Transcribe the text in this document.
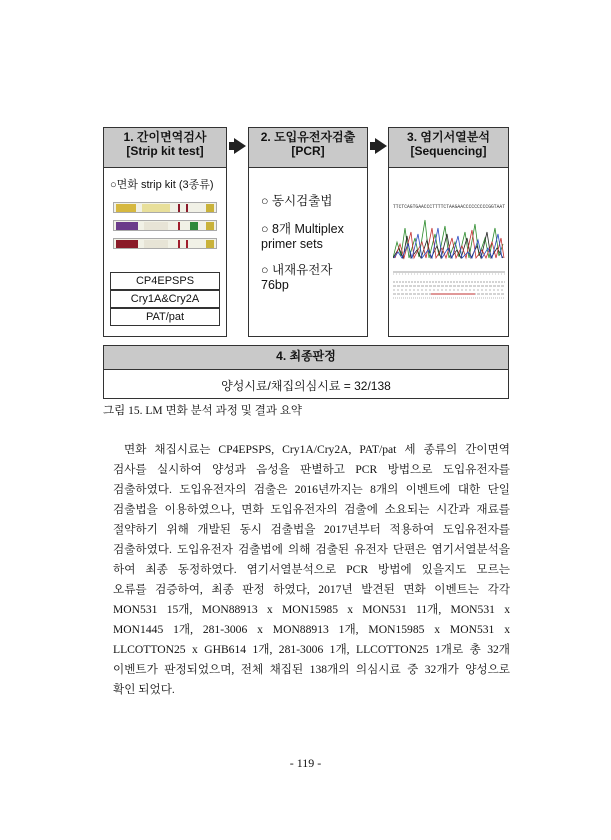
1. 간이면역검사
[Strip kit test]
○면화 strip kit (3종류)
CP4EPSPS
Cry1A&Cry2A
PAT/pat
2. 도입유전자검출
[PCR]
○ 동시검출법
○ 8개 Multiplex primer sets
○ 내재유전자 76bp
3. 염기서열분석
[Sequencing]
TTCTCAGTGAACCCTTTTCTAAGAACCCCCCCCCGGTAAT
4. 최종판정
양성시료/채집의심시료 = 32/138
그림 15. LM 면화 분석 과정 및 결과 요약
면화 채집시료는 CP4EPSPS, Cry1A/Cry2A, PAT/pat 세 종류의 간이면역
검사를 실시하여 양성과 음성을 판별하고 PCR 방법으로 도입유전자를
검출하였다. 도입유전자의 검출은 2016년까지는 8개의 이벤트에 대한 단일
검출법을 이용하였으나, 면화 도입유전자의 검출에 소요되는 시간과 재료를
절약하기 위해 개발된 동시 검출법을 2017년부터 적용하여 도입유전자를
검출하였다. 도입유전자 검출법에 의해 검출된 유전자 단편은 염기서열분석을
하여 최종 동정하였다. 염기서열분석으로 PCR 방법에 있을지도 모르는
오류를 검증하여, 최종 판정 하였다, 2017년 발견된 면화 이벤트는 각각
MON531 15개, MON88913 x MON15985 x MON531 11개, MON531 x
MON1445 1개, 281-3006 x MON88913 1개, MON15985 x MON531 x
LLCOTTON25 x GHB614 1개, 281-3006 1개, LLCOTTON25 1개로 총 32개
이벤트가 판정되었으며, 전체 채집된 138개의 의심시료 중 32개가 양성으로
확인 되었다.
- 119 -
